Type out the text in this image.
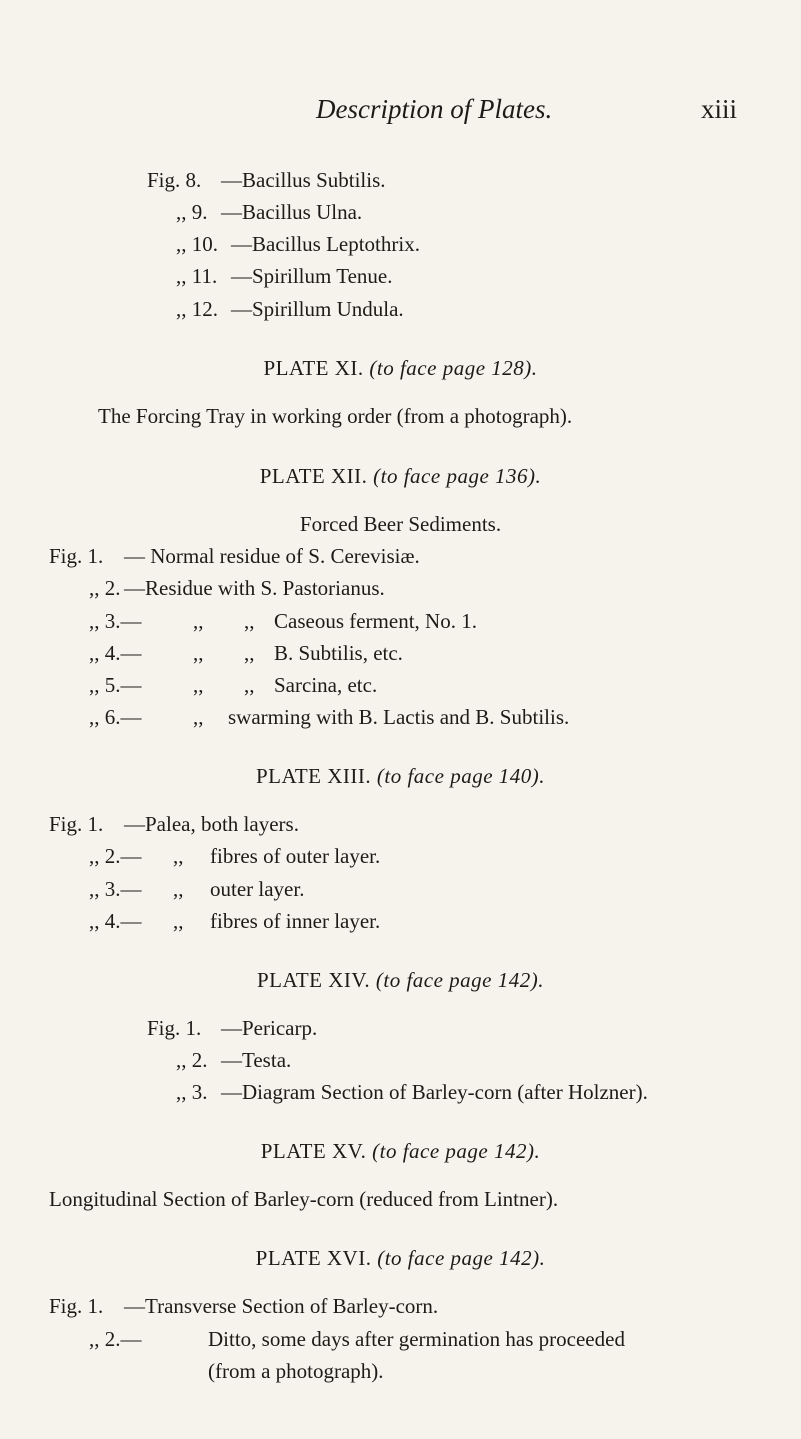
Description of Plates.	xiii
Fig. 8. —Bacillus Subtilis.
,, 9. —Bacillus Ulna.
,, 10. —Bacillus Leptothrix.
,, 11. —Spirillum Tenue.
,, 12. —Spirillum Undula.
PLATE XI. (to face page 128).
The Forcing Tray in working order (from a photograph).
PLATE XII. (to face page 136).
Forced Beer Sediments.
Fig. 1. — Normal residue of S. Cerevisiæ.
,, 2. —Residue with S. Pastorianus.
,, 3.— ,, ,, Caseous ferment, No. 1.
,, 4.— ,, ,, B. Subtilis, etc.
,, 5.— ,, ,, Sarcina, etc.
,, 6.— ,, swarming with B. Lactis and B. Subtilis.
PLATE XIII. (to face page 140).
Fig. 1. —Palea, both layers.
,, 2.— ,, fibres of outer layer.
,, 3.— ,, outer layer.
,, 4.— ,, fibres of inner layer.
PLATE XIV. (to face page 142).
Fig. 1. —Pericarp.
,, 2. —Testa.
,, 3. —Diagram Section of Barley-corn (after Holzner).
PLATE XV. (to face page 142).
Longitudinal Section of Barley-corn (reduced from Lintner).
PLATE XVI. (to face page 142).
Fig. 1. —Transverse Section of Barley-corn.
,, 2.—	Ditto, some days after germination has proceeded
(from a photograph).
